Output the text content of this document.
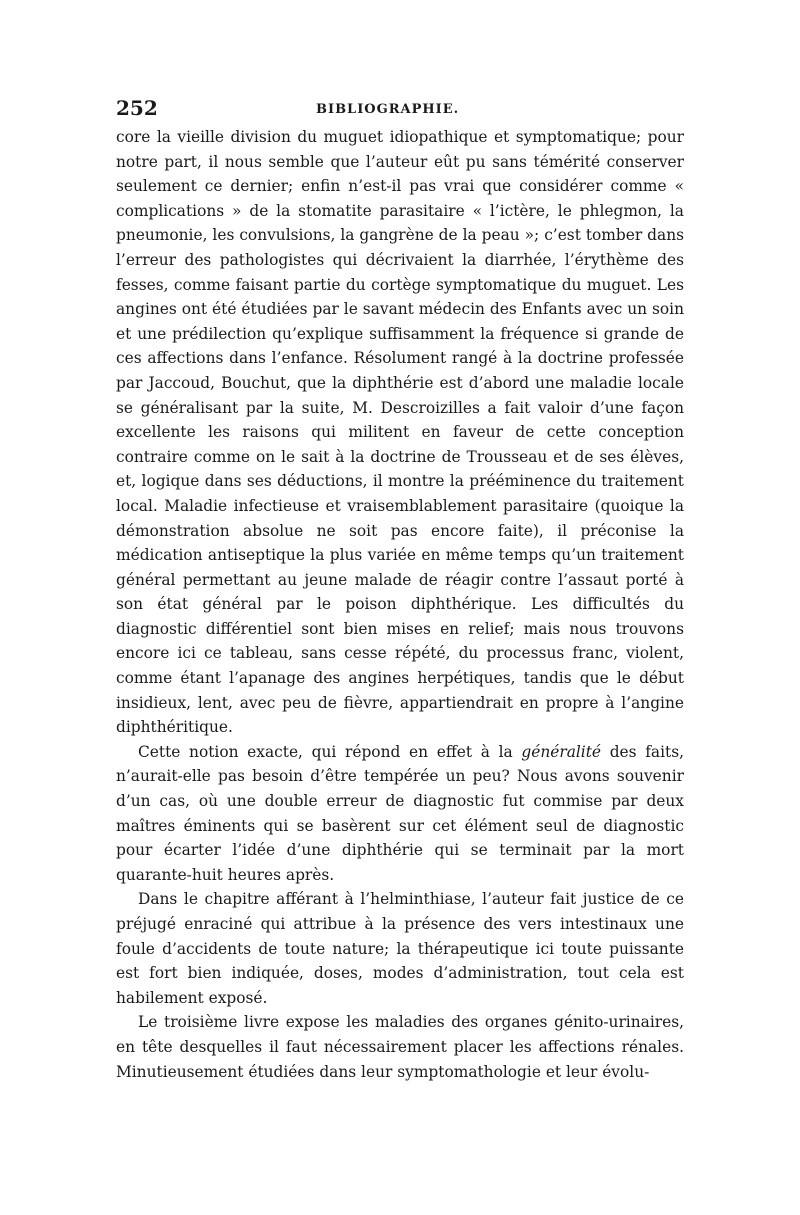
252	BIBLIOGRAPHIE.

core la vieille division du muguet idiopathique et symptomatique; pour notre part, il nous semble que l’auteur eût pu sans témérité conserver seulement ce dernier; enfin n’est-il pas vrai que considérer comme « complications » de la stomatite parasitaire « l’ictère, le phlegmon, la pneumonie, les convulsions, la gangrène de la peau »; c’est tomber dans l’erreur des pathologistes qui décrivaient la diarrhée, l’érythème des fesses, comme faisant partie du cortège symptomatique du muguet. Les angines ont été étudiées par le savant médecin des Enfants avec un soin et une prédilection qu’explique suffisamment la fréquence si grande de ces affections dans l’enfance. Résolument rangé à la doctrine professée par Jaccoud, Bouchut, que la diphthérie est d’abord une maladie locale se généralisant par la suite, M. Descroizilles a fait valoir d’une façon excellente les raisons qui militent en faveur de cette conception contraire comme on le sait à la doctrine de Trousseau et de ses élèves, et, logique dans ses déductions, il montre la prééminence du traitement local. Maladie infectieuse et vraisemblablement parasitaire (quoique la démonstration absolue ne soit pas encore faite), il préconise la médication antiseptique la plus variée en même temps qu’un traitement général permettant au jeune malade de réagir contre l’assaut porté à son état général par le poison diphthérique. Les difficultés du diagnostic différentiel sont bien mises en relief; mais nous trouvons encore ici ce tableau, sans cesse répété, du processus franc, violent, comme étant l’apanage des angines herpétiques, tandis que le début insidieux, lent, avec peu de fièvre, appartiendrait en propre à l’angine diphthéritique.

Cette notion exacte, qui répond en effet à la généralité des faits, n’aurait-elle pas besoin d’être tempérée un peu? Nous avons souvenir d’un cas, où une double erreur de diagnostic fut commise par deux maîtres éminents qui se basèrent sur cet élément seul de diagnostic pour écarter l’idée d’une diphthérie qui se terminait par la mort quarante-huit heures après.

Dans le chapitre afférant à l’helminthiase, l’auteur fait justice de ce préjugé enraciné qui attribue à la présence des vers intestinaux une foule d’accidents de toute nature; la thérapeutique ici toute puissante est fort bien indiquée, doses, modes d’administration, tout cela est habilement exposé.

Le troisième livre expose les maladies des organes génito-urinaires, en tête desquelles il faut nécessairement placer les affections rénales. Minutieusement étudiées dans leur symptomathologie et leur évolu-
